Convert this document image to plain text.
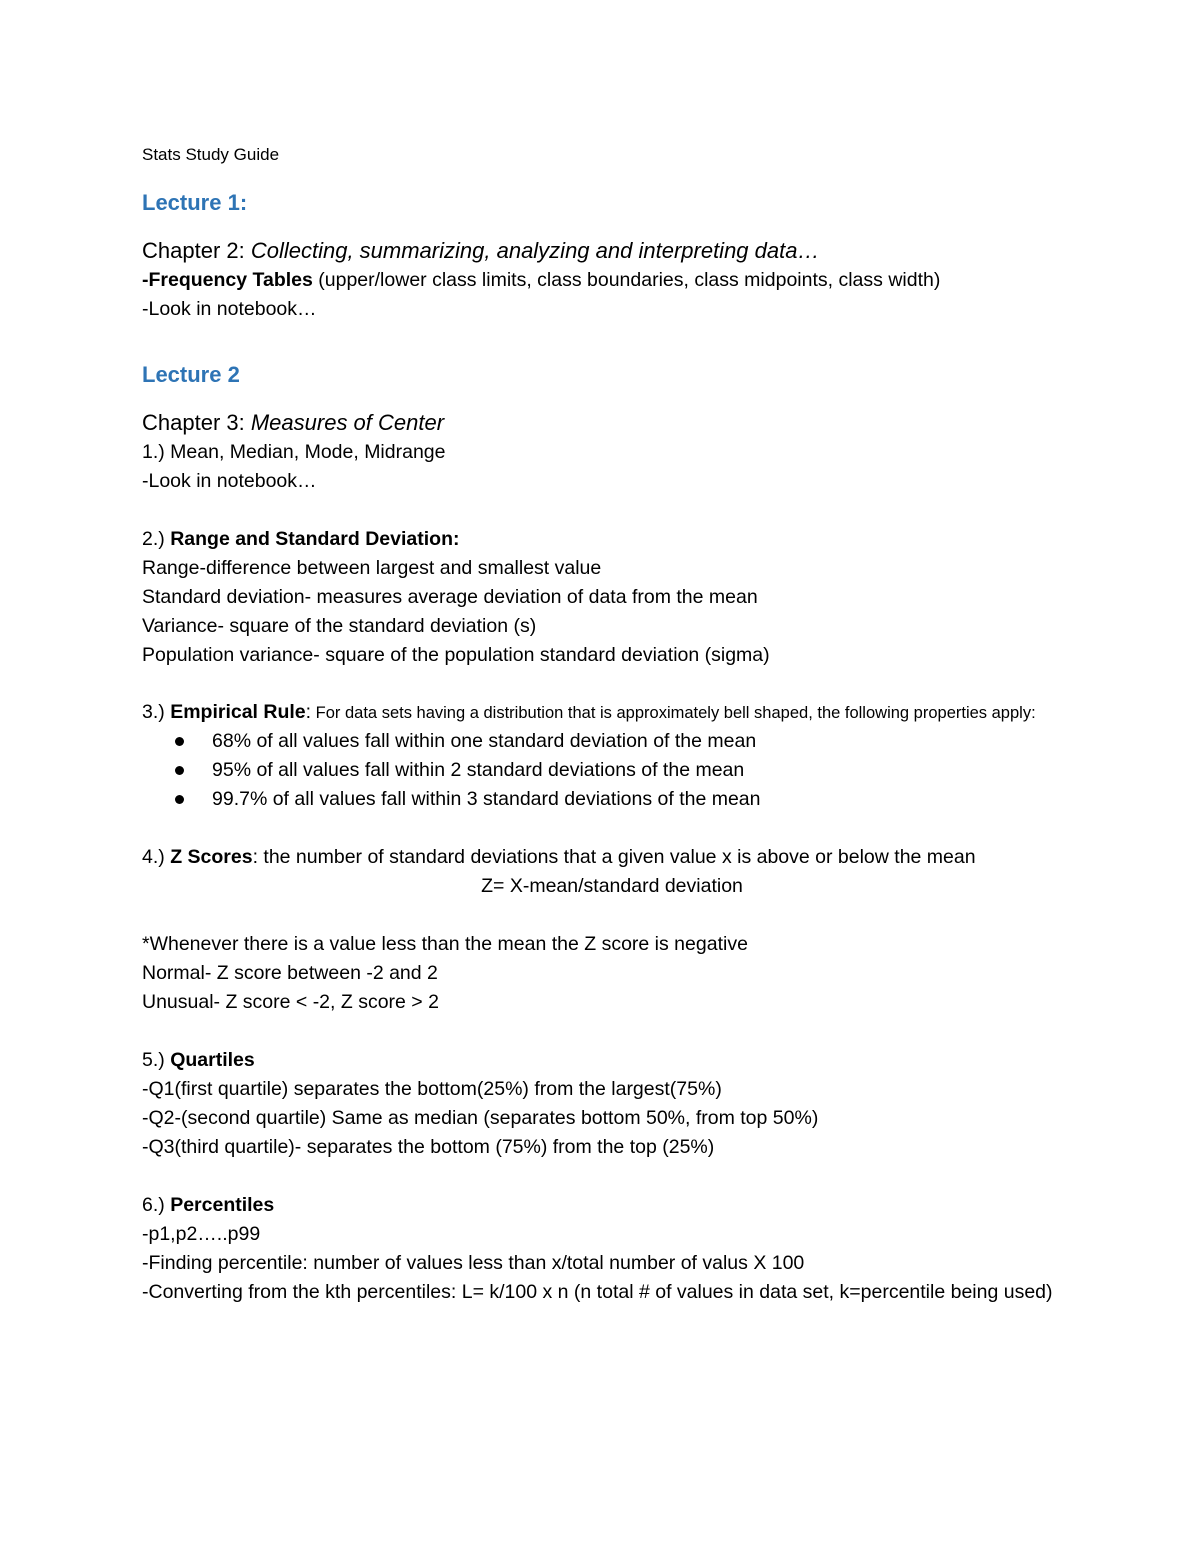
Stats Study Guide

Lecture 1:

Chapter 2: Collecting, summarizing, analyzing and interpreting data…

-Frequency Tables (upper/lower class limits, class boundaries, class midpoints, class width)

-Look in notebook…

Lecture 2

Chapter 3: Measures of Center

1.) Mean, Median, Mode, Midrange

-Look in notebook…

2.) Range and Standard Deviation:

Range-difference between largest and smallest value

Standard deviation- measures average deviation of data from the mean

Variance- square of the standard deviation (s)

Population variance- square of the population standard deviation (sigma)

3.) Empirical Rule: For data sets having a distribution that is approximately bell shaped, the following properties apply:

68% of all values fall within one standard deviation of the mean
95% of all values fall within 2 standard deviations of the mean
99.7% of all values fall within 3 standard deviations of the mean

4.) Z Scores: the number of standard deviations that a given value x is above or below the mean

Z= X-mean/standard deviation

*Whenever there is a value less than the mean the Z score is negative

Normal- Z score between -2 and 2

Unusual- Z score < -2, Z score > 2

5.) Quartiles

-Q1(first quartile) separates the bottom(25%) from the largest(75%)

-Q2-(second quartile) Same as median (separates bottom 50%, from top 50%)

-Q3(third quartile)- separates the bottom (75%) from the top (25%)

6.) Percentiles

-p1,p2…..p99

-Finding percentile: number of values less than x/total number of valus X 100

-Converting from the kth percentiles: L= k/100 x n (n total # of values in data set, k=percentile being used)
